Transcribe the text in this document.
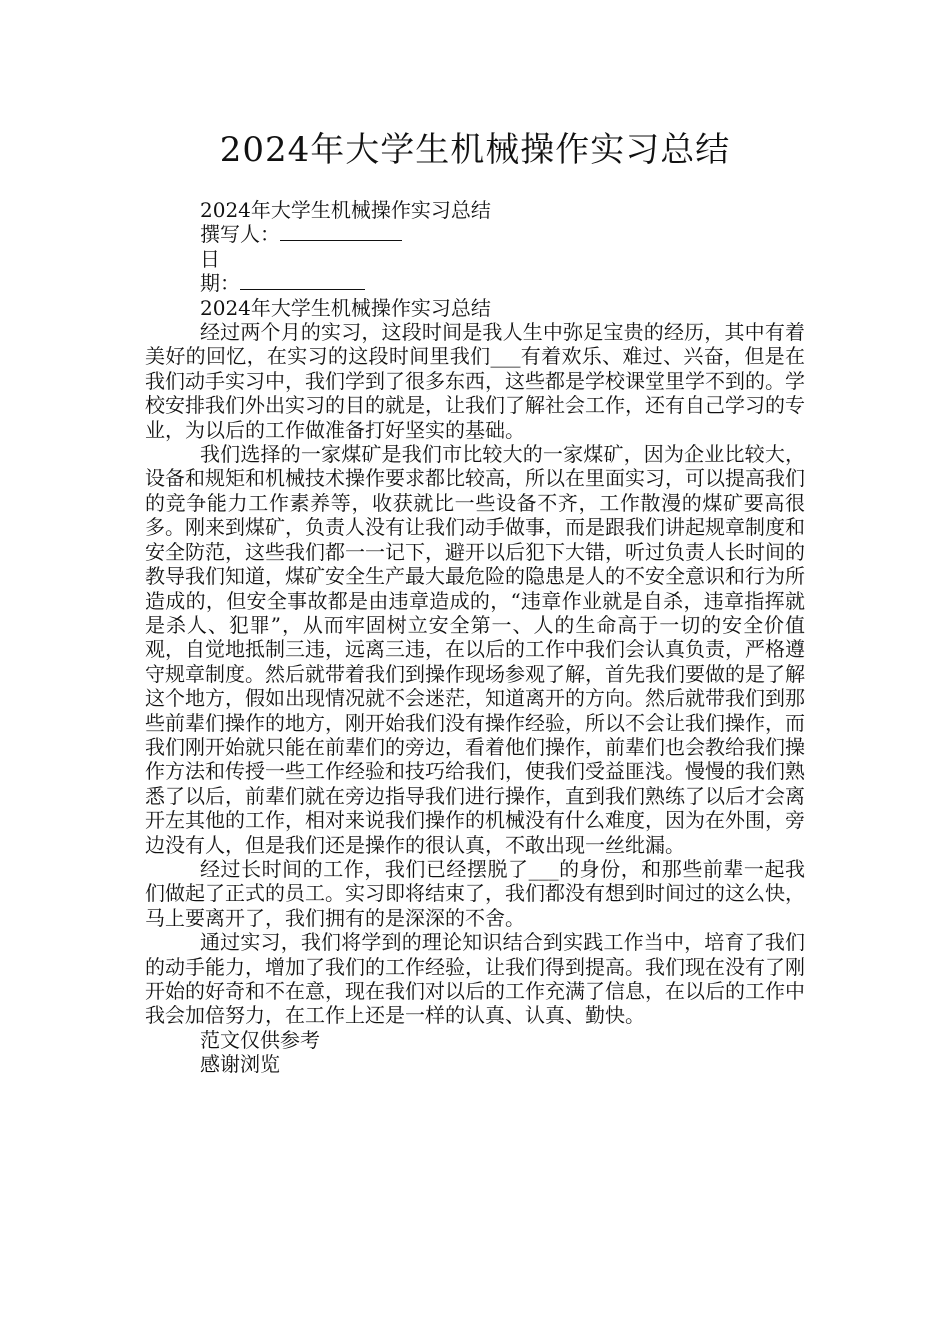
2024年大学生机械操作实习总结

2024年大学生机械操作实习总结

撰写人：

日

期：

2024年大学生机械操作实习总结

经过两个月的实习，这段时间是我人生中弥足宝贵的经历，其中有着美好的回忆，在实习的这段时间里我们___有着欢乐、难过、兴奋，但是在我们动手实习中，我们学到了很多东西，这些都是学校课堂里学不到的。学校安排我们外出实习的目的就是，让我们了解社会工作，还有自己学习的专业，为以后的工作做准备打好坚实的基础。

我们选择的一家煤矿是我们市比较大的一家煤矿，因为企业比较大，设备和规矩和机械技术操作要求都比较高，所以在里面实习，可以提高我们的竞争能力工作素养等，收获就比一些设备不齐，工作散漫的煤矿要高很多。刚来到煤矿，负责人没有让我们动手做事，而是跟我们讲起规章制度和安全防范，这些我们都一一记下，避开以后犯下大错，听过负责人长时间的教导我们知道，煤矿安全生产最大最危险的隐患是人的不安全意识和行为所造成的，但安全事故都是由违章造成的，“违章作业就是自杀，违章指挥就是杀人、犯罪”，从而牢固树立安全第一、人的生命高于一切的安全价值观，自觉地抵制三违，远离三违，在以后的工作中我们会认真负责，严格遵守规章制度。然后就带着我们到操作现场参观了解，首先我们要做的是了解这个地方，假如出现情况就不会迷茫，知道离开的方向。然后就带我们到那些前辈们操作的地方，刚开始我们没有操作经验，所以不会让我们操作，而我们刚开始就只能在前辈们的旁边，看着他们操作，前辈们也会教给我们操作方法和传授一些工作经验和技巧给我们，使我们受益匪浅。慢慢的我们熟悉了以后，前辈们就在旁边指导我们进行操作，直到我们熟练了以后才会离开左其他的工作，相对来说我们操作的机械没有什么难度，因为在外围，旁边没有人，但是我们还是操作的很认真，不敢出现一丝纰漏。

经过长时间的工作，我们已经摆脱了___的身份，和那些前辈一起我们做起了正式的员工。实习即将结束了，我们都没有想到时间过的这么快，马上要离开了，我们拥有的是深深的不舍。

通过实习，我们将学到的理论知识结合到实践工作当中，培育了我们的动手能力，增加了我们的工作经验，让我们得到提高。我们现在没有了刚开始的好奇和不在意，现在我们对以后的工作充满了信息，在以后的工作中我会加倍努力，在工作上还是一样的认真、认真、勤快。

范文仅供参考

感谢浏览
